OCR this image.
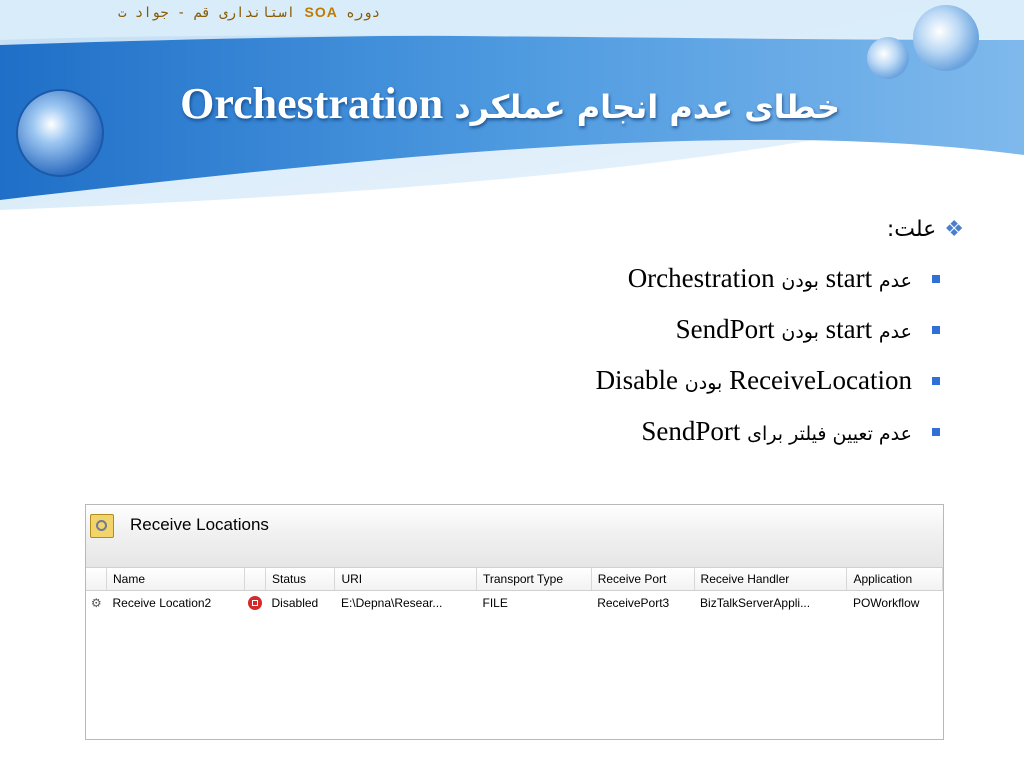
دوره SOA استانداری قم - جواد ت
Orchestration خطای عدم انجام عملکرد
❖
علت:
عدم start بودن Orchestration
عدم start بودن SendPort
Disable بودن ReceiveLocation
عدم تعیین فیلتر برای SendPort
Receive Locations
	Name		Status	URI	Transport Type	Receive Port	Receive Handler	Application
⚙	Receive Location2		Disabled	E:\Depna\Resear...	FILE	ReceivePort3	BizTalkServerAppli...	POWorkflow
